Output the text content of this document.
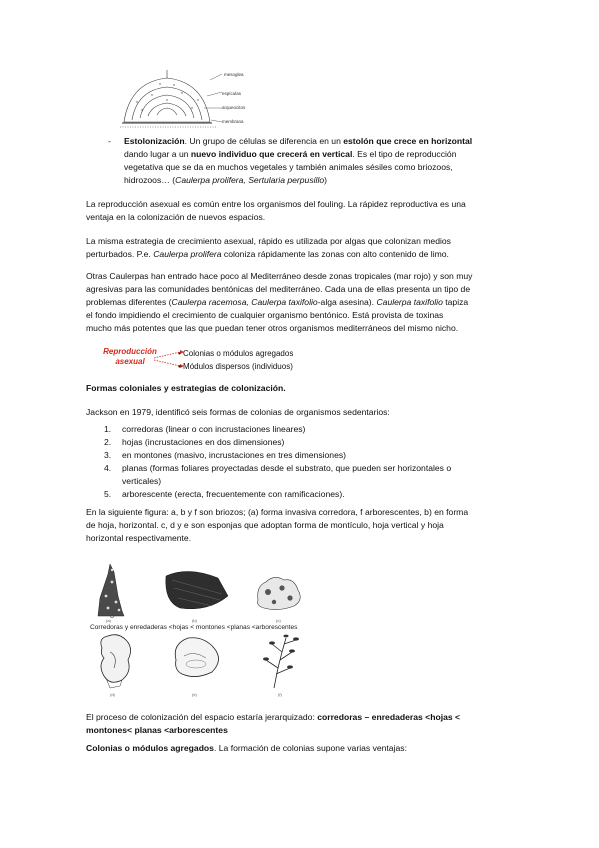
mesoglea
espículas
arqueocitos
membrana
- Estolonización. Un grupo de células se diferencia en un estolón que crece en horizontal
dando lugar a un nuevo individuo que crecerá en vertical. Es el tipo de reproducción
vegetativa que se da en muchos vegetales y también animales sésiles como briozoos,
hidrozoos… (Caulerpa prolifera, Sertularia perpusillo)
La reproducción asexual es común entre los organismos del fouling. La rápidez reproductiva es una
ventaja en la colonización de nuevos espacios.
La misma estrategia de crecimiento asexual, rápido es utilizada por algas que colonizan medios
perturbados. P.e. Caulerpa prolifera coloniza rápidamente las zonas con alto contenido de limo.
Otras Caulerpas han entrado hace poco al Mediterráneo desde zonas tropicales (mar rojo) y son muy
agresivas para las comunidades bentónicas del mediterráneo. Cada una de ellas presenta un tipo de
problemas diferentes (Caulerpa racemosa, Caulerpa taxifolio-alga asesina). Caulerpa taxifolio tapiza
el fondo impidiendo el crecimiento de cualquier organismo bentónico. Está provista de toxinas
mucho más potentes que las que puedan tener otros organismos mediterráneos del mismo nicho.
Reproducción
asexual
• Colonias o módulos agregados
• Módulos dispersos (individuos)
Formas coloniales y estrategias de colonización.
Jackson en 1979, identificó seis formas de colonias de organismos sedentarios:
1. corredoras (linear o con incrustaciones lineares)
2. hojas (incrustaciones en dos dimensiones)
3. en montones (masivo, incrustaciones en tres dimensiones)
4. planas (formas foliares proyectadas desde el substrato, que pueden ser horizontales o
verticales)
5. arborescente (erecta, frecuentemente con ramificaciones).
En la siguiente figura: a, b y f son briozos; (a) forma invasiva corredora, f arborescentes, b) en forma
de hoja, horizontal. c, d y e son esponjas que adoptan forma de montículo, hoja vertical y hoja
horizontal respectivamente.
(a)	(b)	(c)
(d)	(e)	(f)
Corredoras y enredaderas <hojas < montones <planas <arborescentes
El proceso de colonización del espacio estaría jerarquizado: corredoras – enredaderas <hojas <
montones< planas <arborescentes
Colonias o módulos agregados. La formación de colonias supone varias ventajas:
